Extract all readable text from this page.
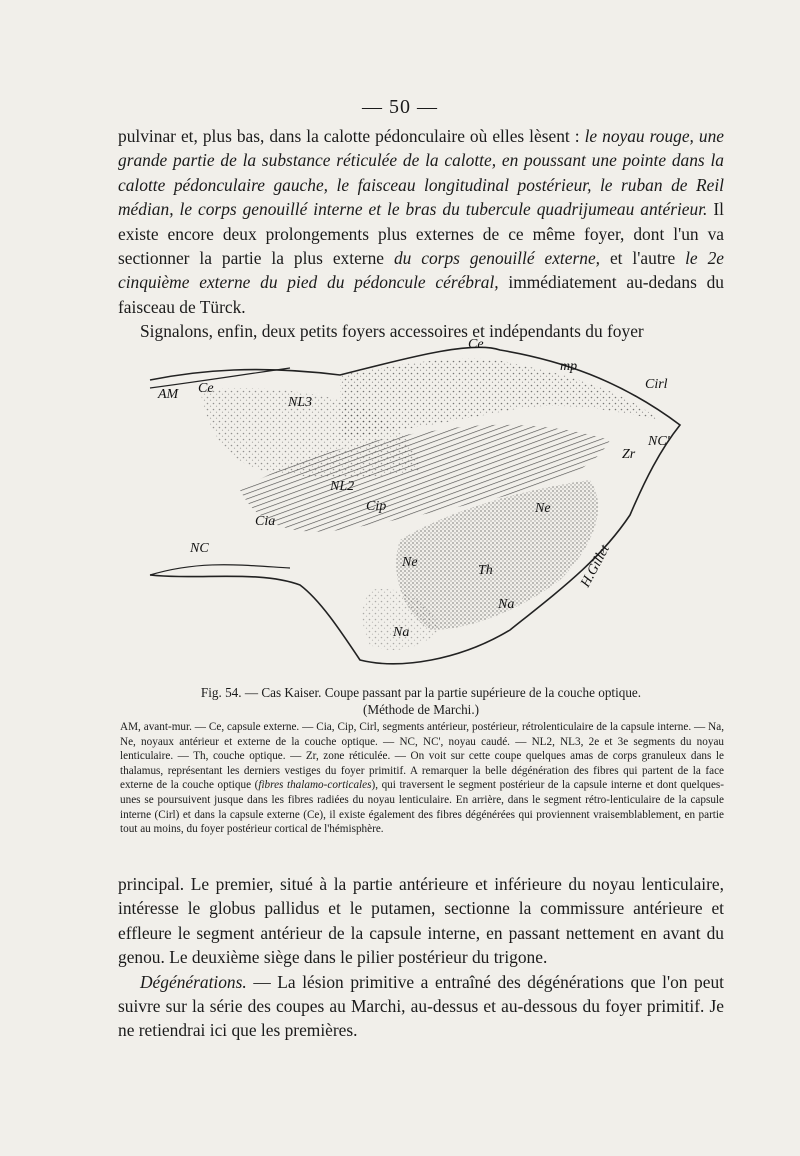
— 50 —

pulvinar et, plus bas, dans la calotte pédonculaire où elles lèsent : le noyau rouge, une grande partie de la substance réticulée de la calotte, en poussant une pointe dans la calotte pédonculaire gauche, le faisceau longitudinal postérieur, le ruban de Reil médian, le corps genouillé interne et le bras du tubercule quadrijumeau antérieur. Il existe encore deux prolongements plus externes de ce même foyer, dont l'un va sectionner la partie la plus externe du corps genouillé externe, et l'autre le 2e cinquième externe du pied du pédoncule cérébral, immédiatement au-dedans du faisceau de Türck.

Signalons, enfin, deux petits foyers accessoires et indépendants du foyer

Ce
mp
Cirl
AM Ce
NL3
NC'
Zr
NL2
Cip	Ne
Cia
NC
Ne
Th
Na
Na
H.Gillet
Fig. 54. — Cas Kaiser. Coupe passant par la partie supérieure de la couche optique.
(Méthode de Marchi.)

AM, avant-mur. — Ce, capsule externe. — Cia, Cip, Cirl, segments antérieur, postérieur, rétrolenticulaire de la capsule interne. — Na, Ne, noyaux antérieur et externe de la couche optique. — NC, NC', noyau caudé. — NL2, NL3, 2e et 3e segments du noyau lenticulaire. — Th, couche optique. — Zr, zone réticulée. — On voit sur cette coupe quelques amas de corps granuleux dans le thalamus, représentant les derniers vestiges du foyer primitif. A remarquer la belle dégénération des fibres qui partent de la face externe de la couche optique (fibres thalamo-corticales), qui traversent le segment postérieur de la capsule interne et dont quelques-unes se poursuivent jusque dans les fibres radiées du noyau lenticulaire. En arrière, dans le segment rétro-lenticulaire de la capsule interne (Cirl) et dans la capsule externe (Ce), il existe également des fibres dégénérées qui proviennent vraisemblablement, en partie tout au moins, du foyer postérieur cortical de l'hémisphère.

principal. Le premier, situé à la partie antérieure et inférieure du noyau lenticulaire, intéresse le globus pallidus et le putamen, sectionne la commissure antérieure et effleure le segment antérieur de la capsule interne, en passant nettement en avant du genou. Le deuxième siège dans le pilier postérieur du trigone.

Dégénérations. — La lésion primitive a entraîné des dégénérations que l'on peut suivre sur la série des coupes au Marchi, au-dessus et au-dessous du foyer primitif. Je ne retiendrai ici que les premières.
